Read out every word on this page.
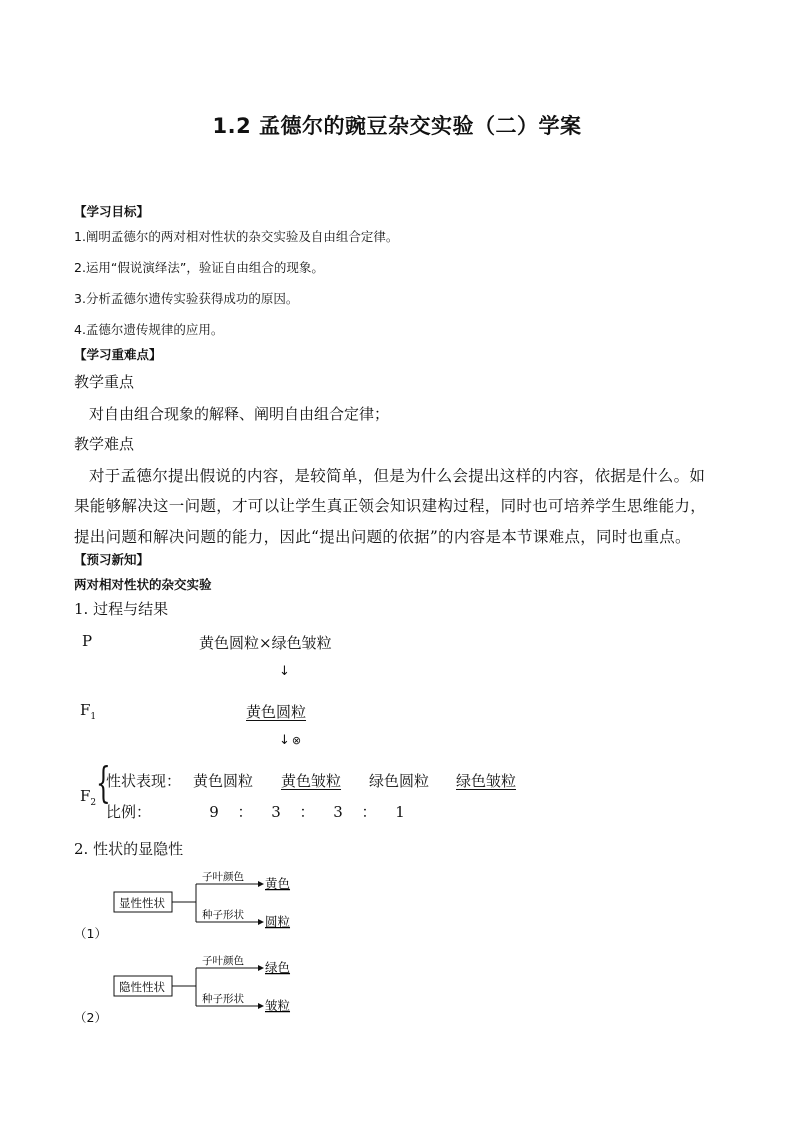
1.2 孟德尔的豌豆杂交实验（二）学案
【学习目标】
1.阐明孟德尔的两对相对性状的杂交实验及自由组合定律。
2.运用“假说演绎法”，验证自由组合的现象。
3.分析孟德尔遗传实验获得成功的原因。
4.孟德尔遗传规律的应用。
【学习重难点】
教学重点
对自由组合现象的解释、阐明自由组合定律；
教学难点
对于孟德尔提出假说的内容，是较简单，但是为什么会提出这样的内容，依据是什么。如
果能够解决这一问题，才可以让学生真正领会知识建构过程，同时也可培养学生思维能力，
提出问题和解决问题的能力，因此“提出问题的依据”的内容是本节课难点，同时也重点。
【预习新知】
两对相对性状的杂交实验
1. 过程与结果
P	黄色圆粒×绿色皱粒
↓
$F_1$	黄色圆粒
↓ ⊗
$F_2$ {
性状表现： 黄色圆粒 黄色皱粒 绿色圆粒 绿色皱粒
比例：	9 ： 3 ： 3 ： 1
2. 性状的显隐性
显性性状
子叶颜色
种子形状
黄色
圆粒
（1）
隐性性状
子叶颜色
种子形状
绿色
皱粒
（2）
